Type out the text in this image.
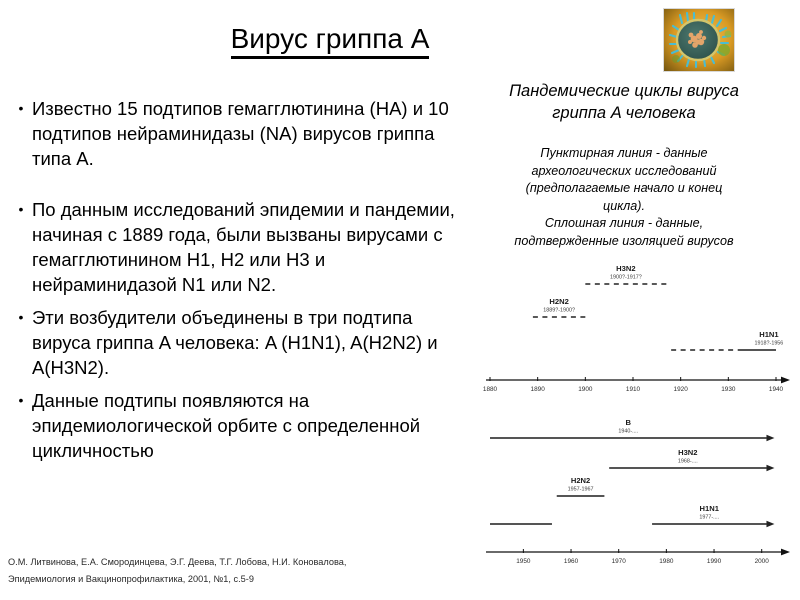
Вирус гриппа A
• Известно 15 подтипов гемагглютинина (HA) и 10 подтипов нейраминидазы (NA) вирусов гриппа типа A.
• По данным исследований эпидемии и пандемии, начиная с 1889 года, были вызваны вирусами с гемагглютинином H1, H2 или H3 и нейраминидазой N1 или N2.
• Эти возбудители объединены в три подтипа вируса гриппа A человека: A (H1N1), A(H2N2) и A(H3N2).
• Данные подтипы появляются на эпидемиологической орбите с определенной цикличностью
Пандемические циклы вируса
гриппа A человека
Пунктирная линия - данные
археологических исследований
(предполагаемые начало и конец
цикла).
Сплошная линия - данные,
подтвержденные изоляцией вирусов
1880	1890	1900	1910	1920	1930	1940
H3N2
1900?-1917?
H2N2
1889?-1900?
H1N1
1918?-1956
1950	1960	1970	1980	1990	2000
B
1940-....
H3N2
1968-....
H2N2
1957-1967
H1N1
1977-....
О.М. Литвинова, Е.А. Смородинцева, Э.Г. Деева, Т.Г. Лобова, Н.И. Коновалова,
Эпидемиология и Вакцинопрофилактика, 2001, №1, с.5-9
